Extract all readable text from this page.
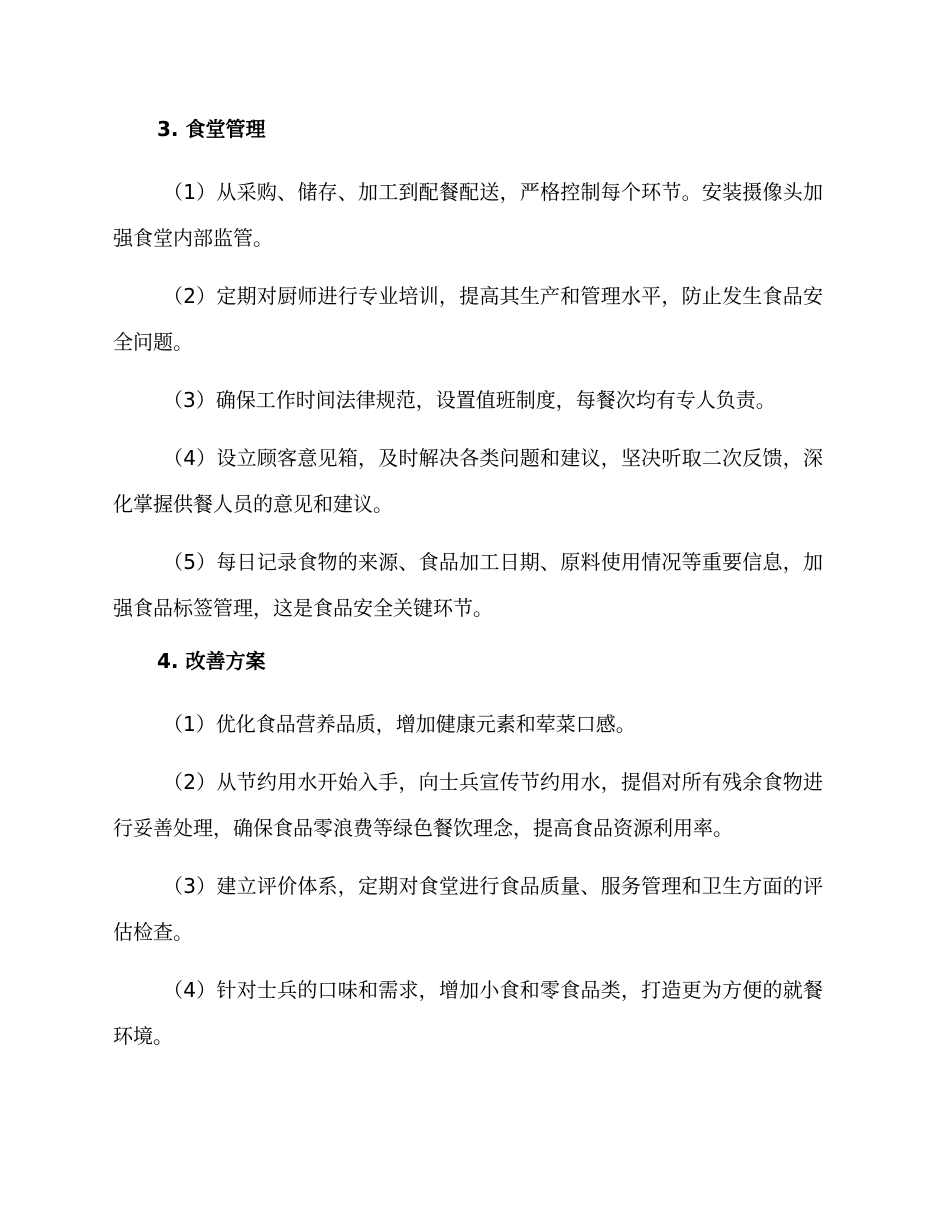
3. 食堂管理

（1）从采购、储存、加工到配餐配送，严格控制每个环节。安装摄像头加强食堂内部监管。

（2）定期对厨师进行专业培训，提高其生产和管理水平，防止发生食品安全问题。

（3）确保工作时间法律规范，设置值班制度，每餐次均有专人负责。

（4）设立顾客意见箱，及时解决各类问题和建议，坚决听取二次反馈，深化掌握供餐人员的意见和建议。

（5）每日记录食物的来源、食品加工日期、原料使用情况等重要信息，加强食品标签管理，这是食品安全关键环节。

4. 改善方案

（1）优化食品营养品质，增加健康元素和荤菜口感。

（2）从节约用水开始入手，向士兵宣传节约用水，提倡对所有残余食物进行妥善处理，确保食品零浪费等绿色餐饮理念，提高食品资源利用率。

（3）建立评价体系，定期对食堂进行食品质量、服务管理和卫生方面的评估检查。

（4）针对士兵的口味和需求，增加小食和零食品类，打造更为方便的就餐环境。
